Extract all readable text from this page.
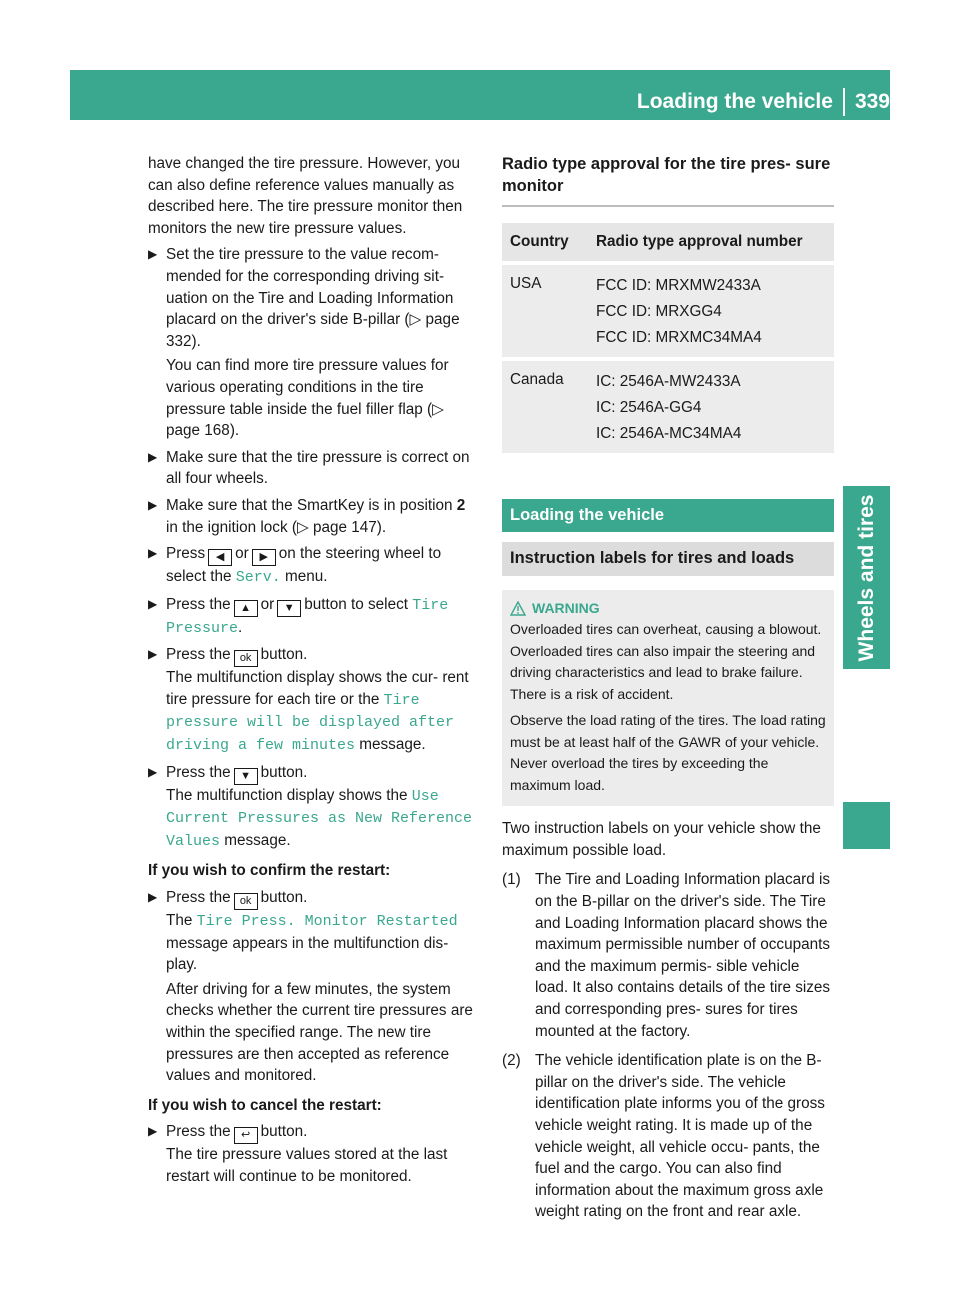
Loading the vehicle 339
Wheels and tires

have changed the tire pressure. However, you can also define reference values manually as described here. The tire pressure monitor then monitors the new tire pressure values.

▶ Set the tire pressure to the value recom- mended for the corresponding driving sit- uation on the Tire and Loading Information placard on the driver's side B-pillar (▷ page 332).

You can find more tire pressure values for various operating conditions in the tire pressure table inside the fuel filler flap (▷ page 168).

▶ Make sure that the tire pressure is correct on all four wheels.

▶ Make sure that the SmartKey is in position 2 in the ignition lock (▷ page 147).

▶ Press ◀ or ▶ on the steering wheel to select the Serv. menu.

▶ Press the ▲ or ▼ button to select Tire Pressure.

▶ Press the ok button.

The multifunction display shows the cur- rent tire pressure for each tire or the Tire pressure will be displayed after driving a few minutes message.

▶ Press the ▼ button.

The multifunction display shows the Use Current Pressures as New Reference Values message.

If you wish to confirm the restart:

▶ Press the ok button.

The Tire Press. Monitor Restarted message appears in the multifunction dis- play.

After driving for a few minutes, the system checks whether the current tire pressures are within the specified range. The new tire pressures are then accepted as reference values and monitored.

If you wish to cancel the restart:

▶ Press the ↩ button.

The tire pressure values stored at the last restart will continue to be monitored.

Radio type approval for the tire pres- sure monitor

Country	Radio type approval number
USA	FCC ID: MRXMW2433A
FCC ID: MRXGG4
FCC ID: MRXMC34MA4

Canada	IC: 2546A-MW2433A
IC: 2546A-GG4
IC: 2546A-MC34MA4
Loading the vehicle
Instruction labels for tires and loads
WARNING

Overloaded tires can overheat, causing a blowout. Overloaded tires can also impair the steering and driving characteristics and lead to brake failure. There is a risk of accident.

Observe the load rating of the tires. The load rating must be at least half of the GAWR of your vehicle. Never overload the tires by exceeding the maximum load.

Two instruction labels on your vehicle show the maximum possible load.

(1) The Tire and Loading Information placard is on the B-pillar on the driver's side. The Tire and Loading Information placard shows the maximum permissible number of occupants and the maximum permis- sible vehicle load. It also contains details of the tire sizes and corresponding pres- sures for tires mounted at the factory.

(2) The vehicle identification plate is on the B-pillar on the driver's side. The vehicle identification plate informs you of the gross vehicle weight rating. It is made up of the vehicle weight, all vehicle occu- pants, the fuel and the cargo. You can also find information about the maximum gross axle weight rating on the front and rear axle.
